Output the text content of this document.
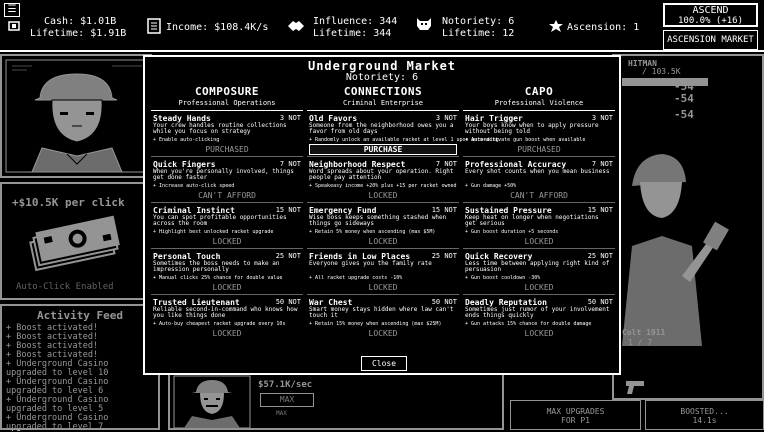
☰
Cash: $1.01B
Lifetime: $1.91B
Income: $108.4K/s
Influence: 344
Lifetime: 344
Notoriety: 6
Lifetime: 12
Ascension: 1
ASCEND
100.0% (+16)
ASCENSION MARKET
+$10.5K per click
Auto-Click Enabled
Activity Feed
+ Boost activated!
+ Boost activated!
+ Boost activated!
+ Boost activated!
+ Underground Casino
upgraded to level 10
+ Underground Casino
upgraded to level 6
+ Underground Casino
upgraded to level 5
+ Underground Casino
upgraded to level 7
$57.1K/sec
MAX
MAX
HITMAN
/ 103.5K
-54
-54
-54
Colt 1911
1 / 7
MAX UPGRADES
FOR P1
BOOSTED...
14.1s
Underground Market
Notoriety: 6
COMPOSURE
Professional Operations
Steady Hands	3 NOT
Your crew handles routine collections while you focus on strategy
+ Enable auto-clicking
PURCHASED
Quick Fingers	7 NOT
When you're personally involved, things get done faster
+ Increase auto-click speed
CAN'T AFFORD
Criminal Instinct	15 NOT
You can spot profitable opportunities across the room
+ Highlight best unlocked racket upgrade
LOCKED
Personal Touch	25 NOT
Sometimes the boss needs to make an impression personally
+ Manual clicks 25% chance for double value
LOCKED
Trusted Lieutenant	50 NOT
Reliable second-in-command who knows how you like things done
+ Auto-buy cheapest racket upgrade every 10s
LOCKED
CONNECTIONS
Criminal Enterprise
Old Favors	3 NOT
Someone from the neighborhood owes you a favor from old days
+ Randomly unlock an available racket at level 1 upon ascending
PURCHASE
Neighborhood Respect	7 NOT
Word spreads about your operation. Right people pay attention
+ Speakeasy income +20% plus +15 per racket owned
LOCKED
Emergency Fund	15 NOT
Wise boss keeps something stashed when things go sideways
+ Retain 5% money when ascending (max $5M)
LOCKED
Friends in Low Places	25 NOT
Everyone gives you the family rate
+ All racket upgrade costs -10%
LOCKED
War Chest	50 NOT
Smart money stays hidden where law can't touch it
+ Retain 15% money when ascending (max $25M)
LOCKED
CAPO
Professional Violence
Hair Trigger	3 NOT
Your boys know when to apply pressure without being told
+ Auto-activate gun boost when available
PURCHASED
Professional Accuracy	7 NOT
Every shot counts when you mean business
+ Gun damage +50%
CAN'T AFFORD
Sustained Pressure	15 NOT
Keep heat on longer when negotiations get serious
+ Gun boost duration +5 seconds
LOCKED
Quick Recovery	25 NOT
Less time between applying right kind of persuasion
+ Gun boost cooldown -30%
LOCKED
Deadly Reputation	50 NOT
Sometimes just rumor of your involvement ends things quickly
+ Gun attacks 15% chance for double damage
LOCKED
Close
